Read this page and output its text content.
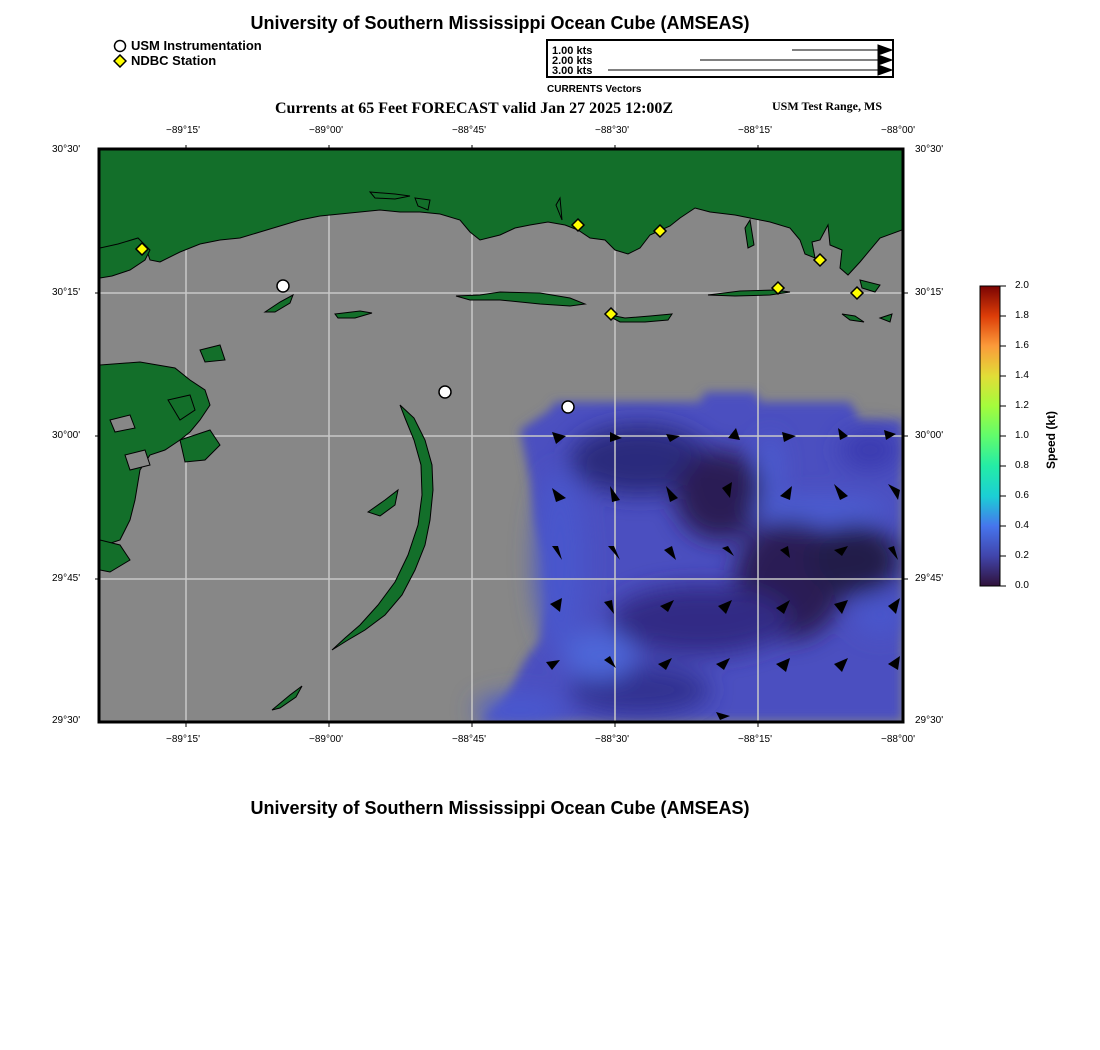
University of Southern Mississippi Ocean Cube (AMSEAS)
USM Instrumentation
NDBC Station
1.00 kts
2.00 kts
3.00 kts
CURRENTS Vectors
Currents at 65 Feet FORECAST valid Jan 27 2025 12:00Z	USM Test Range, MS
−89°15'	−89°00'	−88°45'	−88°30'	−88°15'	−88°00'
−89°15'	−89°00'	−88°45'	−88°30'	−88°15'	−88°00'
30°30'
30°15'
30°00'
29°45'
29°30'
30°30'
30°15'
30°00'
29°45'
29°30'
2.0
1.8
1.6
1.4
1.2
1.0
0.8
0.6
0.4
0.2
0.0
Speed (kt)
University of Southern Mississippi Ocean Cube (AMSEAS)
